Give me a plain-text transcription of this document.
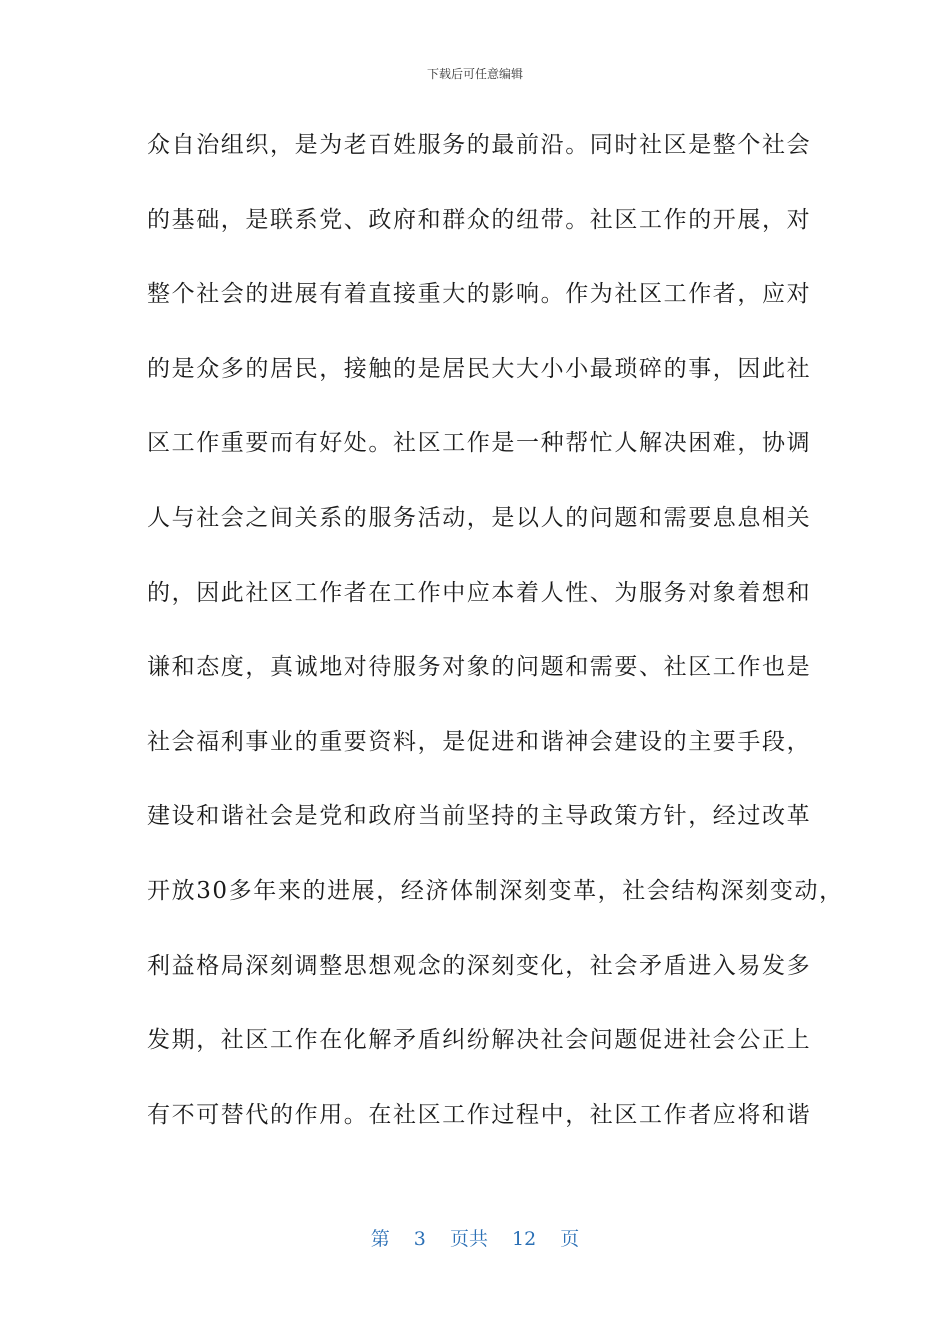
下载后可任意编辑
众自治组织，是为老百姓服务的最前沿。同时社区是整个社会
的基础，是联系党、政府和群众的纽带。社区工作的开展，对
整个社会的进展有着直接重大的影响。作为社区工作者，应对
的是众多的居民，接触的是居民大大小小最琐碎的事，因此社
区工作重要而有好处。社区工作是一种帮忙人解决困难，协调
人与社会之间关系的服务活动，是以人的问题和需要息息相关
的，因此社区工作者在工作中应本着人性、为服务对象着想和
谦和态度，真诚地对待服务对象的问题和需要、社区工作也是
社会福利事业的重要资料，是促进和谐神会建设的主要手段，
建设和谐社会是党和政府当前坚持的主导政策方针，经过改革
开放30多年来的进展，经济体制深刻变革，社会结构深刻变动，
利益格局深刻调整思想观念的深刻变化，社会矛盾进入易发多
发期，社区工作在化解矛盾纠纷解决社会问题促进社会公正上
有不可替代的作用。在社区工作过程中，社区工作者应将和谐
第 3 页共 12 页
